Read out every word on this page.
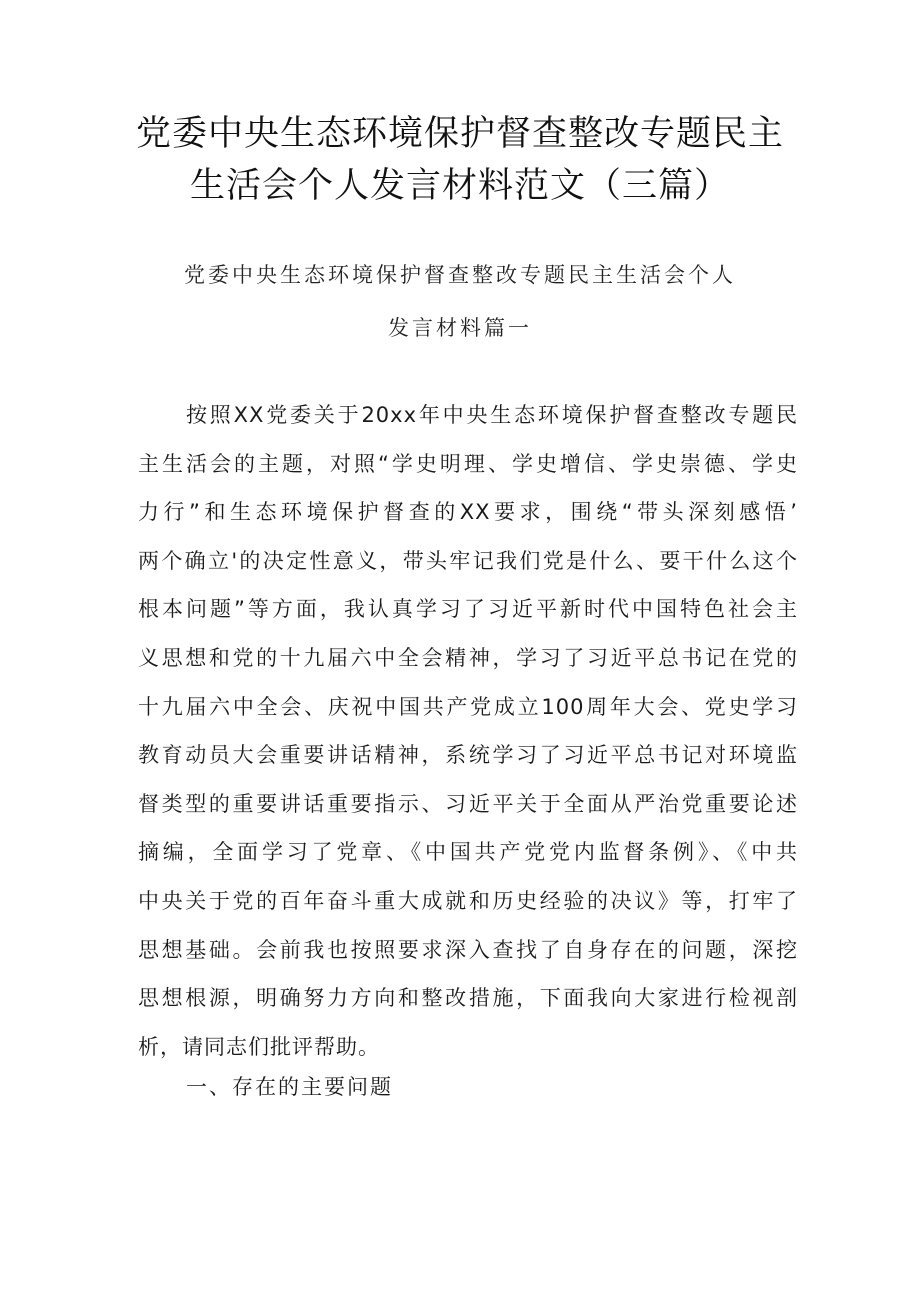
党委中央生态环境保护督查整改专题民主
生活会个人发言材料范文（三篇）
党委中央生态环境保护督查整改专题民主生活会个人
发言材料篇一
按照XX党委关于20xx年中央生态环境保护督查整改专题民
主生活会的主题，对照“学史明理、学史增信、学史崇德、学史
力行”和生态环境保护督查的XX要求，围绕“带头深刻感悟’
两个确立'的决定性意义，带头牢记我们党是什么、要干什么这个
根本问题”等方面，我认真学习了习近平新时代中国特色社会主
义思想和党的十九届六中全会精神，学习了习近平总书记在党的
十九届六中全会、庆祝中国共产党成立100周年大会、党史学习
教育动员大会重要讲话精神，系统学习了习近平总书记对环境监
督类型的重要讲话重要指示、习近平关于全面从严治党重要论述
摘编，全面学习了党章、《中国共产党党内监督条例》、《中共
中央关于党的百年奋斗重大成就和历史经验的决议》等，打牢了
思想基础。会前我也按照要求深入查找了自身存在的问题，深挖
思想根源，明确努力方向和整改措施，下面我向大家进行检视剖
析，请同志们批评帮助。
一、存在的主要问题
